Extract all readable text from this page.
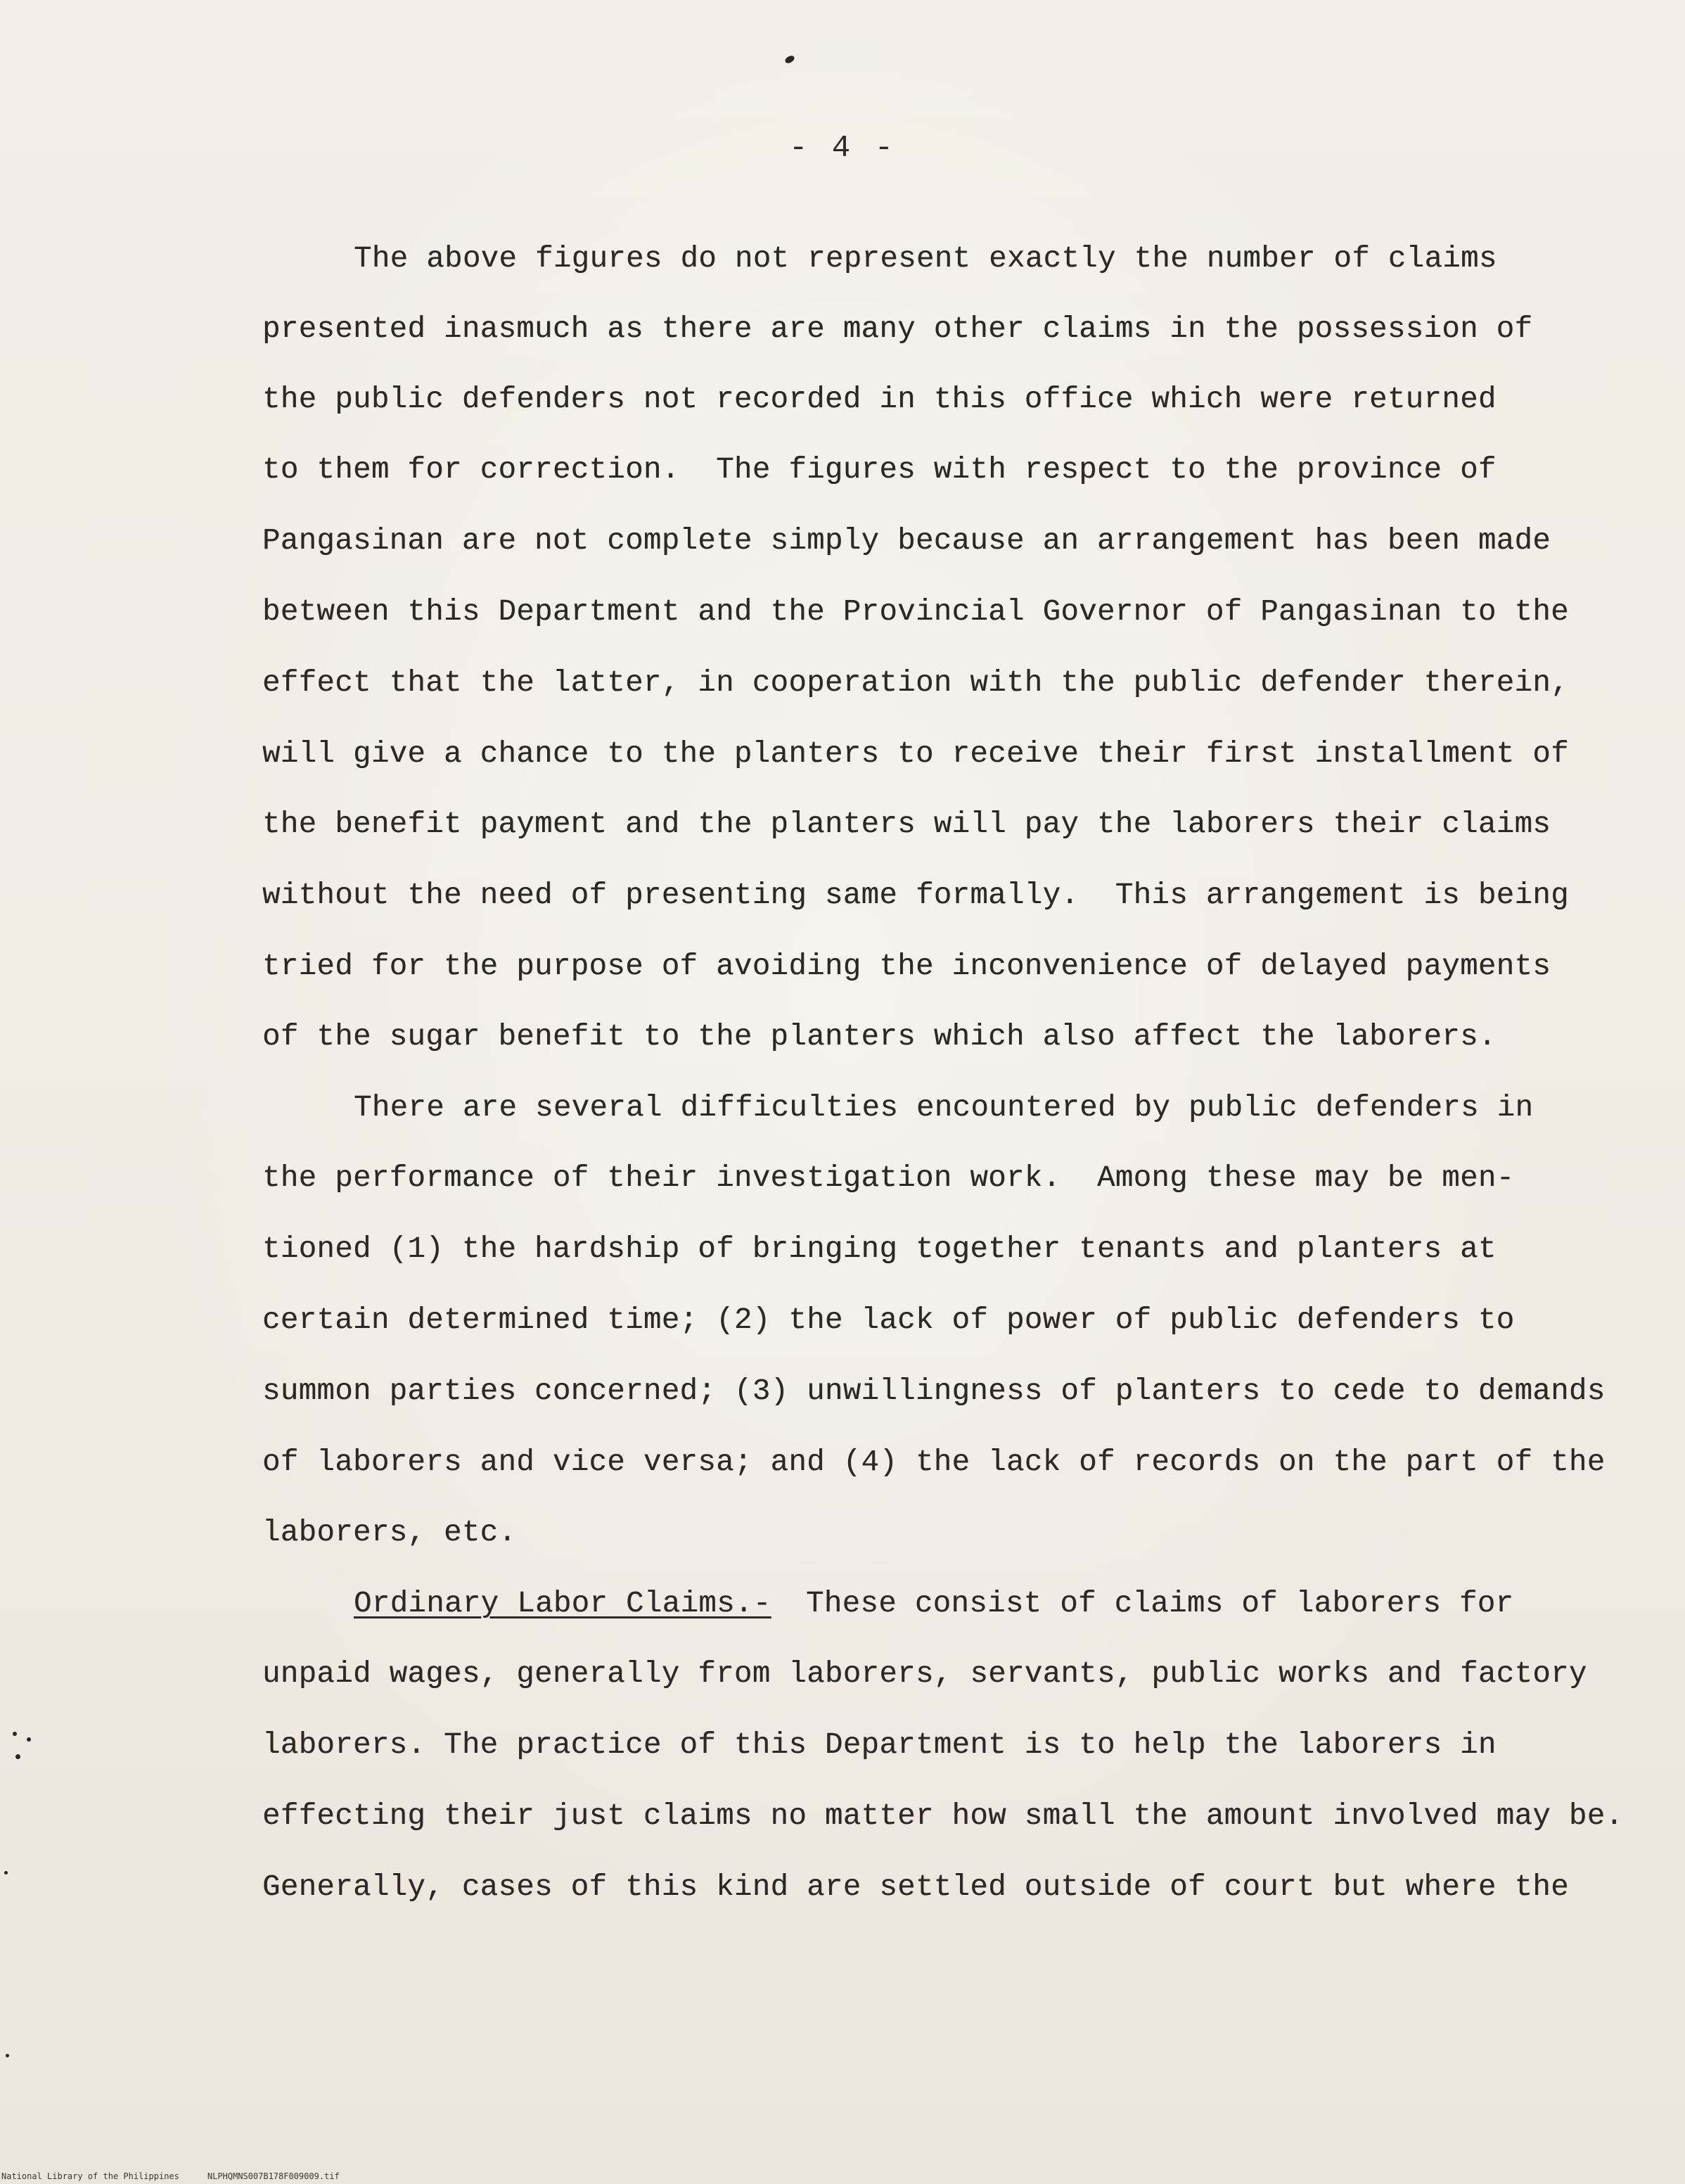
- 4 -
The above figures do not represent exactly the number of claims
presented inasmuch as there are many other claims in the possession of
the public defenders not recorded in this office which were returned
to them for correction.  The figures with respect to the province of
Pangasinan are not complete simply because an arrangement has been made
between this Department and the Provincial Governor of Pangasinan to the
effect that the latter, in cooperation with the public defender therein,
will give a chance to the planters to receive their first installment of
the benefit payment and the planters will pay the laborers their claims
without the need of presenting same formally.  This arrangement is being
tried for the purpose of avoiding the inconvenience of delayed payments
of the sugar benefit to the planters which also affect the laborers.
There are several difficulties encountered by public defenders in
the performance of their investigation work.  Among these may be men-
tioned (1) the hardship of bringing together tenants and planters at
certain determined time; (2) the lack of power of public defenders to
summon parties concerned; (3) unwillingness of planters to cede to demands
of laborers and vice versa; and (4) the lack of records on the part of the
laborers, etc.
Ordinary Labor Claims.- These consist of claims of laborers for
unpaid wages, generally from laborers, servants, public works and factory
laborers. The practice of this Department is to help the laborers in
effecting their just claims no matter how small the amount involved may be.
Generally, cases of this kind are settled outside of court but where the
National Library of the Philippines	NLPHQMNS007B178F009009.tif
